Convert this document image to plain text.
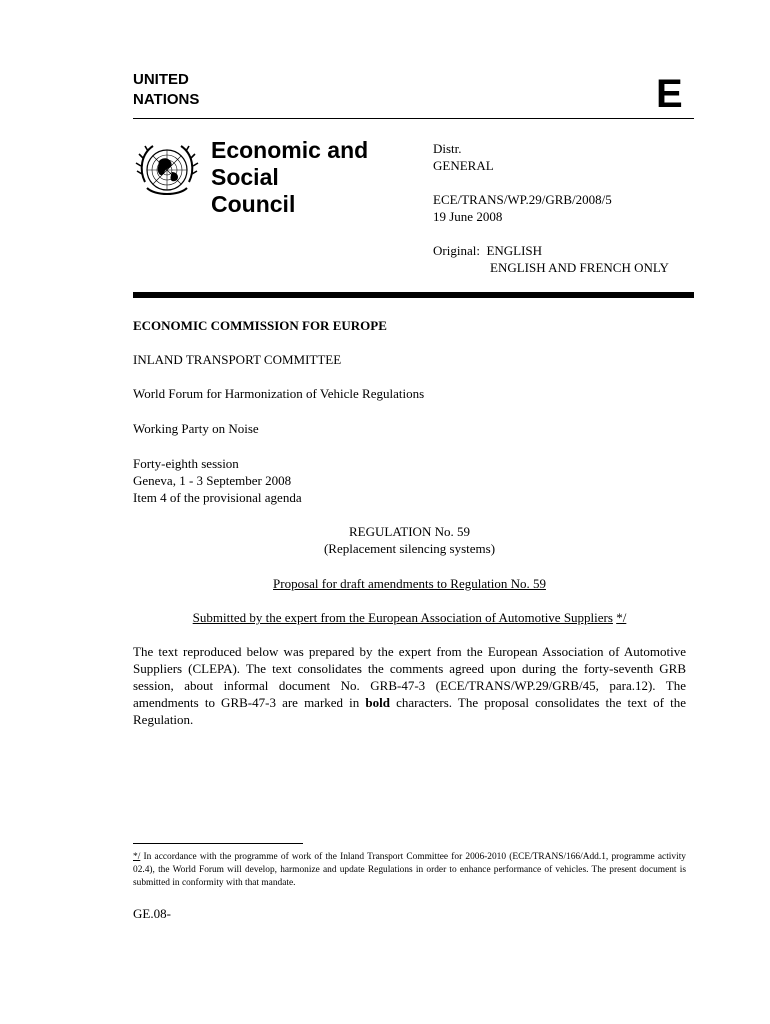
UNITED
NATIONS	E
Economic and Social
Council
Distr.
GENERAL
ECE/TRANS/WP.29/GRB/2008/5
19 June 2008
Original: ENGLISH
ENGLISH AND FRENCH ONLY
ECONOMIC COMMISSION FOR EUROPE
INLAND TRANSPORT COMMITTEE
World Forum for Harmonization of Vehicle Regulations
Working Party on Noise
Forty-eighth session
Geneva, 1 - 3 September 2008
Item 4 of the provisional agenda
REGULATION No. 59
(Replacement silencing systems)
Proposal for draft amendments to Regulation No. 59
Submitted by the expert from the European Association of Automotive Suppliers */
The text reproduced below was prepared by the expert from the European Association of Automotive Suppliers (CLEPA). The text consolidates the comments agreed upon during the forty-seventh GRB session, about informal document No. GRB-47-3 (ECE/TRANS/WP.29/GRB/45, para.12). The amendments to GRB-47-3 are marked in bold characters. The proposal consolidates the text of the Regulation.
*/ In accordance with the programme of work of the Inland Transport Committee for 2006-2010 (ECE/TRANS/166/Add.1, programme activity 02.4), the World Forum will develop, harmonize and update Regulations in order to enhance performance of vehicles. The present document is submitted in conformity with that mandate.
GE.08-
